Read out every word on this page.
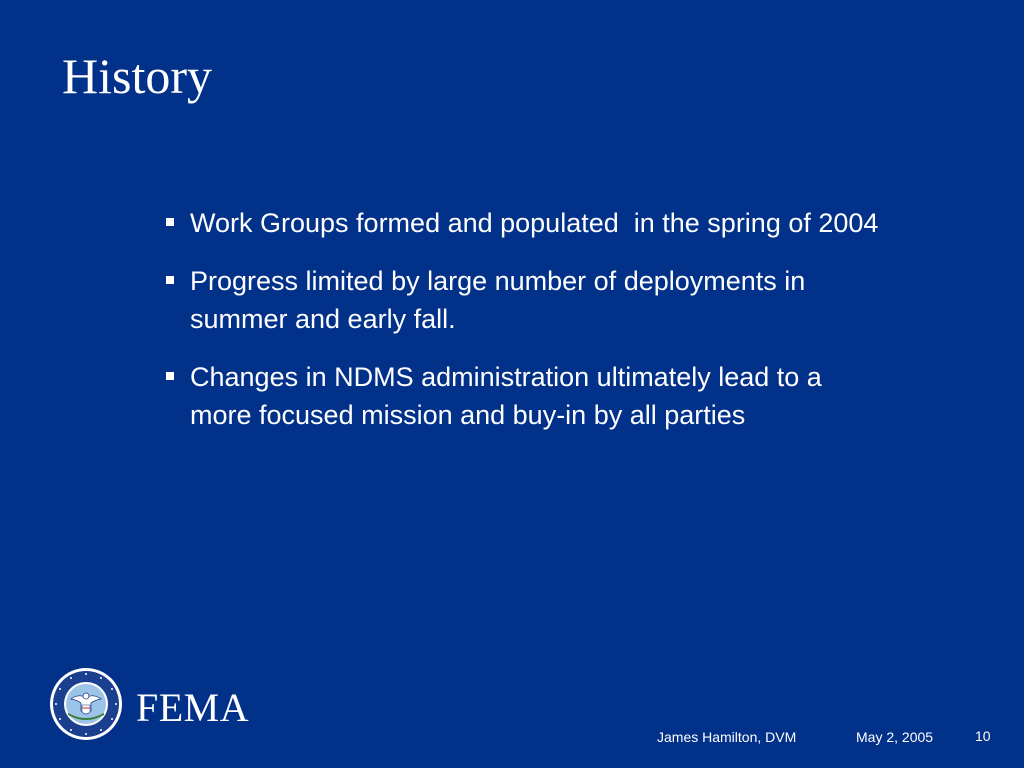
History
Work Groups formed and populated  in the spring of 2004
Progress limited by large number of deployments in summer and early fall.
Changes in NDMS administration ultimately lead to a more focused mission and buy-in by all parties
FEMA
James Hamilton, DVM	May 2, 2005	10
